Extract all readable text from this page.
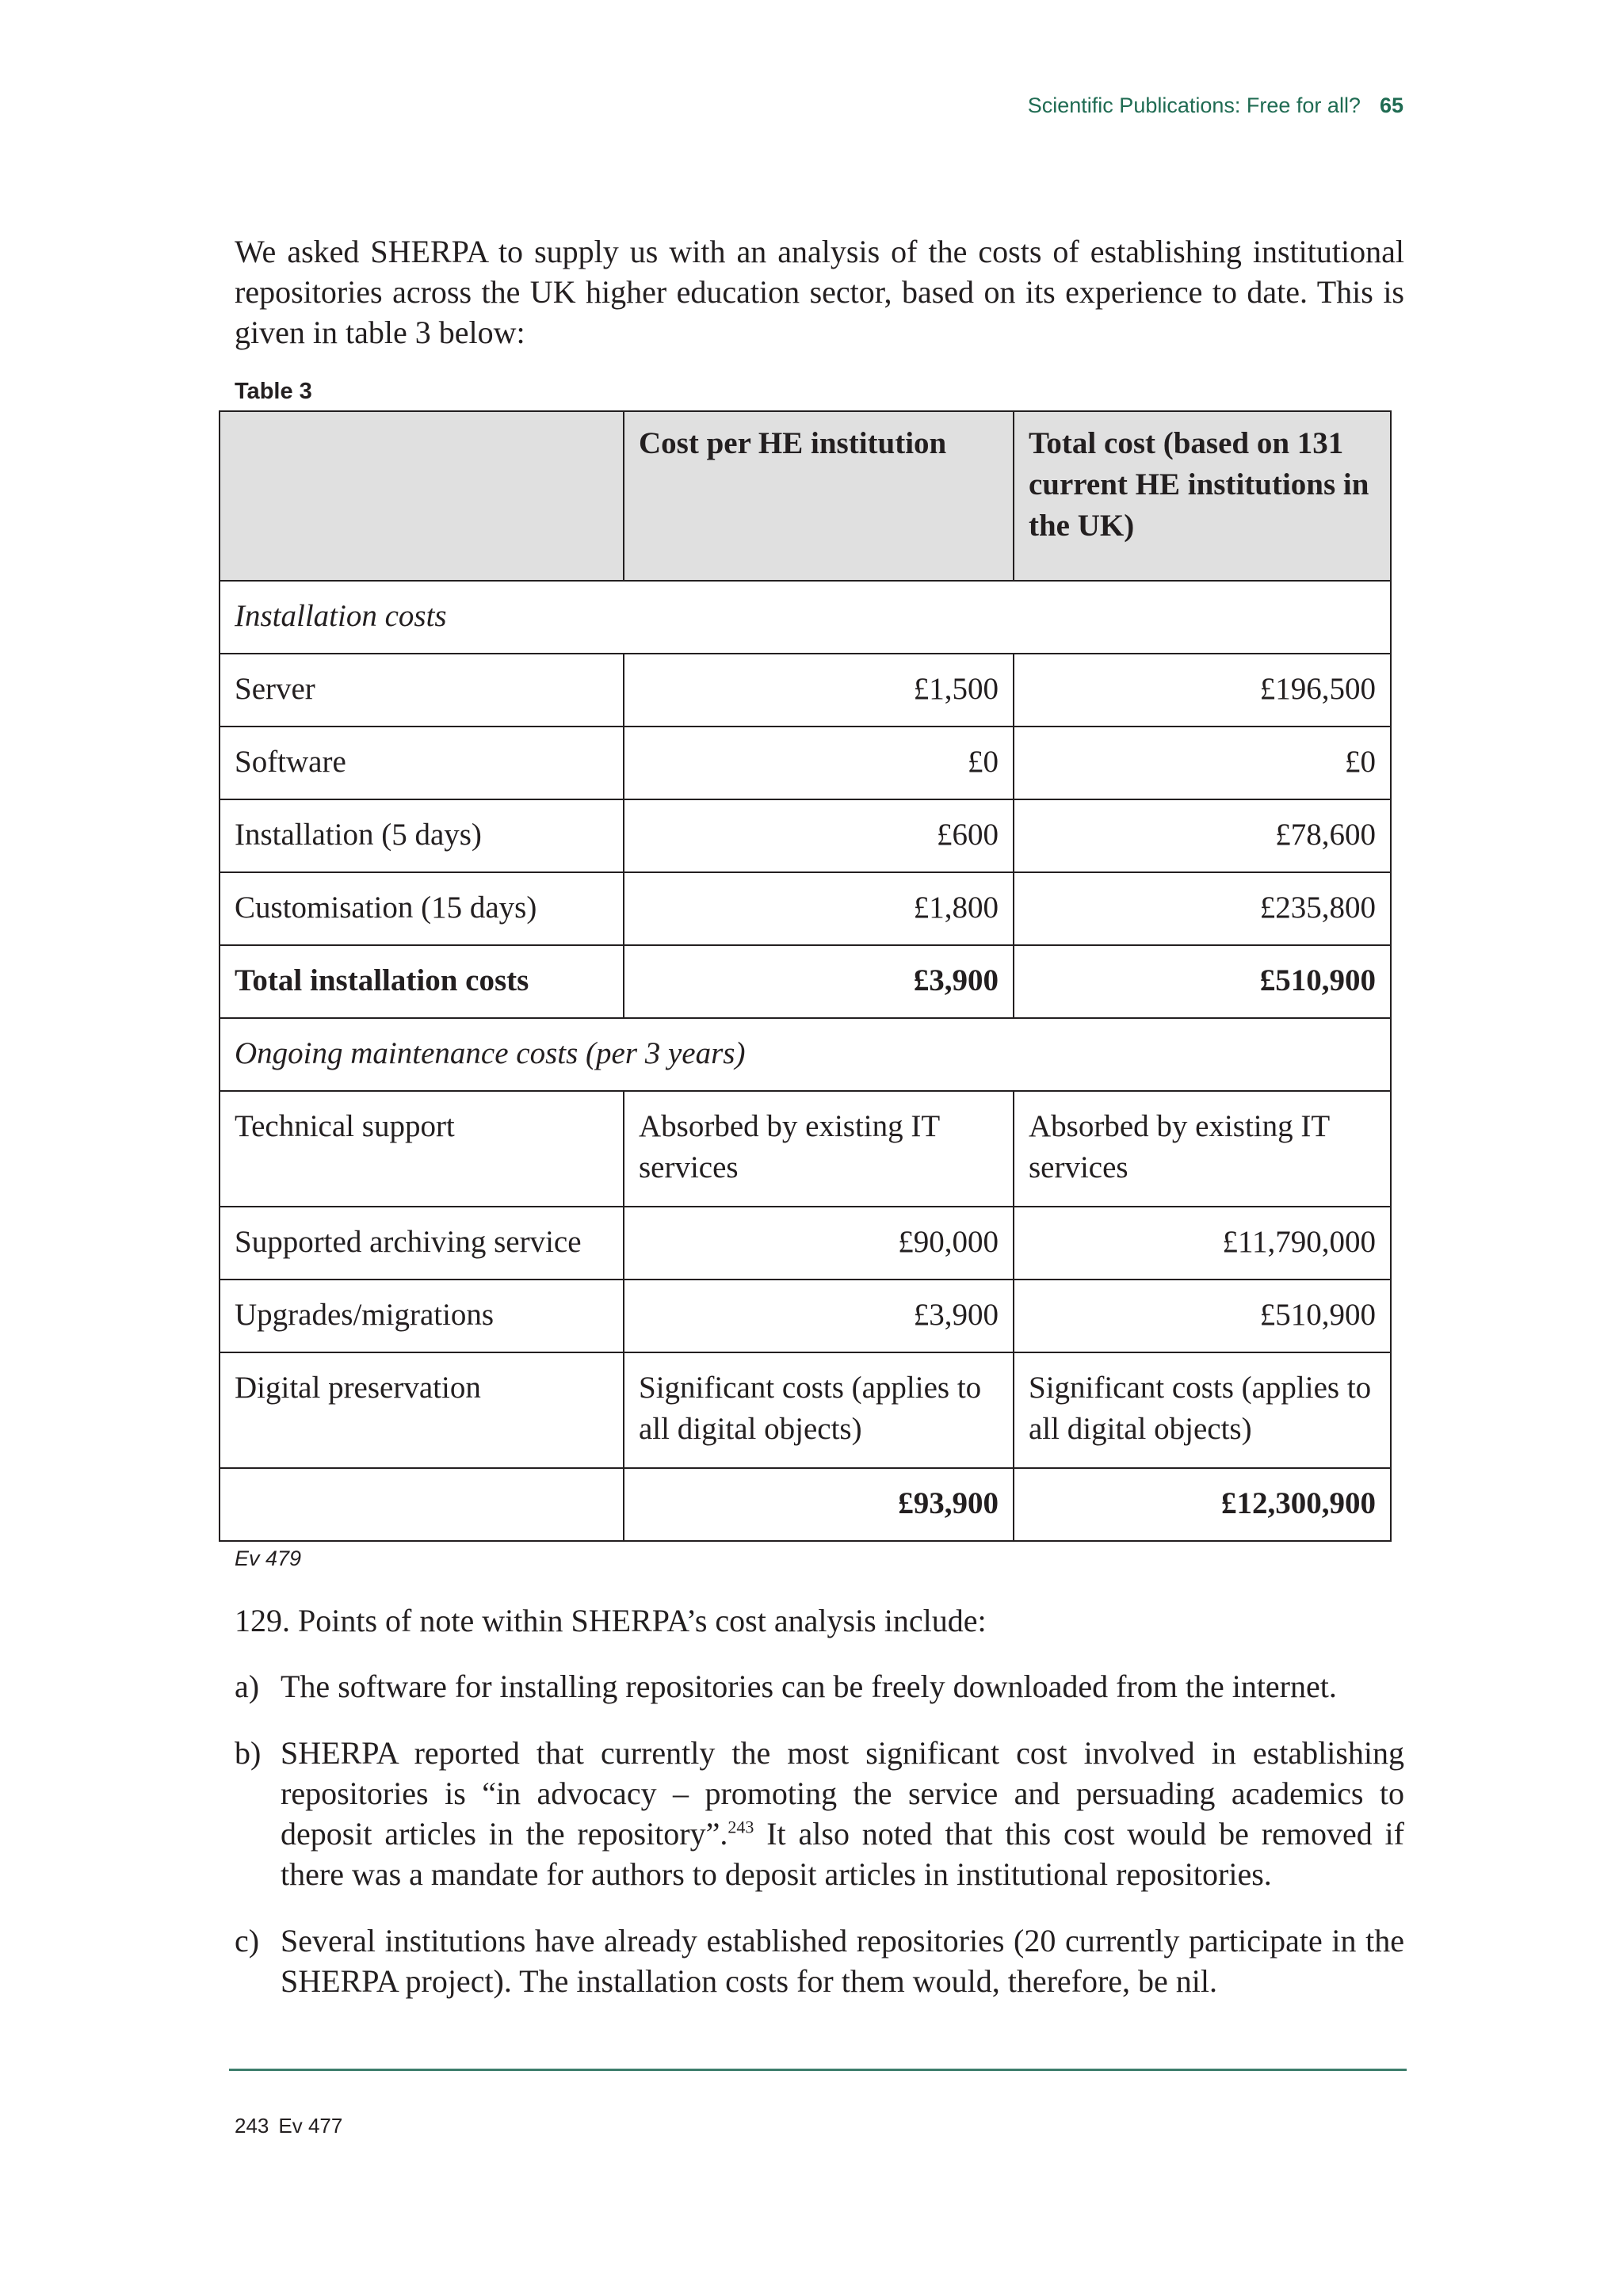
Scientific Publications: Free for all? 65
We asked SHERPA to supply us with an analysis of the costs of establishing institutional repositories across the UK higher education sector, based on its experience to date. This is given in table 3 below:
Table 3
	Cost per HE institution	Total cost (based on 131 current HE institutions in the UK)
Installation costs		
Server	£1,500	£196,500
Software	£0	£0
Installation (5 days)	£600	£78,600
Customisation (15 days)	£1,800	£235,800
Total installation costs	£3,900	£510,900
Ongoing maintenance costs (per 3 years)		
Technical support	Absorbed by existing IT services	Absorbed by existing IT services
Supported archiving service	£90,000	£11,790,000
Upgrades/migrations	£3,900	£510,900
Digital preservation	Significant costs (applies to all digital objects)	Significant costs (applies to all digital objects)
	£93,900	£12,300,900
Ev 479
129. Points of note within SHERPA’s cost analysis include:
a) The software for installing repositories can be freely downloaded from the internet.
b) SHERPA reported that currently the most significant cost involved in establishing repositories is “in advocacy – promoting the service and persuading academics to deposit articles in the repository”.$^{243}$ It also noted that this cost would be removed if there was a mandate for authors to deposit articles in institutional repositories.
c) Several institutions have already established repositories (20 currently participate in the SHERPA project). The installation costs for them would, therefore, be nil.
243 Ev 477
